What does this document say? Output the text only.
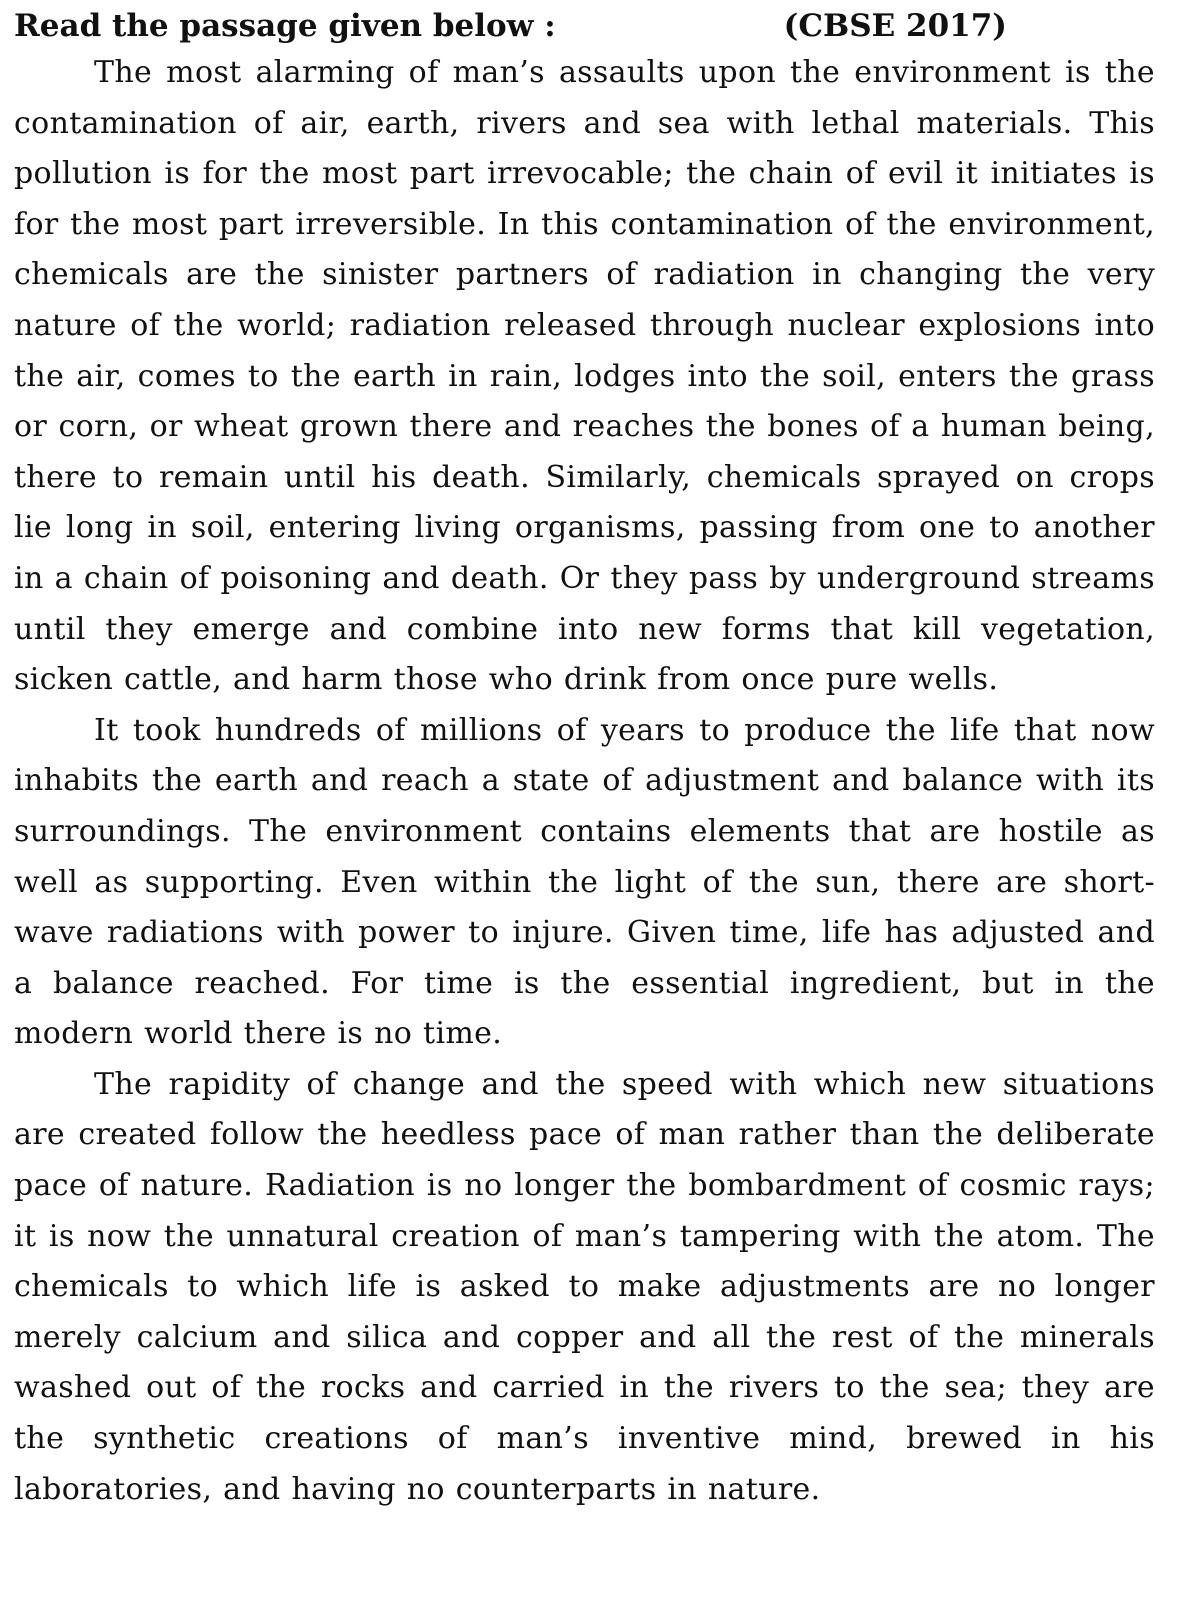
Read the passage given below :	(CBSE 2017)

The most alarming of man’s assaults upon the environment is the contamination of air, earth, rivers and sea with lethal materials. This pollution is for the most part irrevocable; the chain of evil it initiates is for the most part irreversible. In this contamination of the environment, chemicals are the sinister partners of radiation in changing the very nature of the world; radiation released through nuclear explosions into the air, comes to the earth in rain, lodges into the soil, enters the grass or corn, or wheat grown there and reaches the bones of a human being, there to remain until his death. Similarly, chemicals sprayed on crops lie long in soil, entering living organisms, passing from one to another in a chain of poisoning and death. Or they pass by underground streams until they emerge and combine into new forms that kill vegetation, sicken cattle, and harm those who drink from once pure wells.

It took hundreds of millions of years to produce the life that now inhabits the earth and reach a state of adjustment and balance with its surroundings. The environment contains elements that are hostile as well as supporting. Even within the light of the sun, there are short-wave radiations with power to injure. Given time, life has adjusted and a balance reached. For time is the essential ingredient, but in the modern world there is no time.

The rapidity of change and the speed with which new situations are created follow the heedless pace of man rather than the deliberate pace of nature. Radiation is no longer the bombardment of cosmic rays; it is now the unnatural creation of man’s tampering with the atom. The chemicals to which life is asked to make adjustments are no longer merely calcium and silica and copper and all the rest of the minerals washed out of the rocks and carried in the rivers to the sea; they are the synthetic creations of man’s inventive mind, brewed in his laboratories, and having no counterparts in nature.
